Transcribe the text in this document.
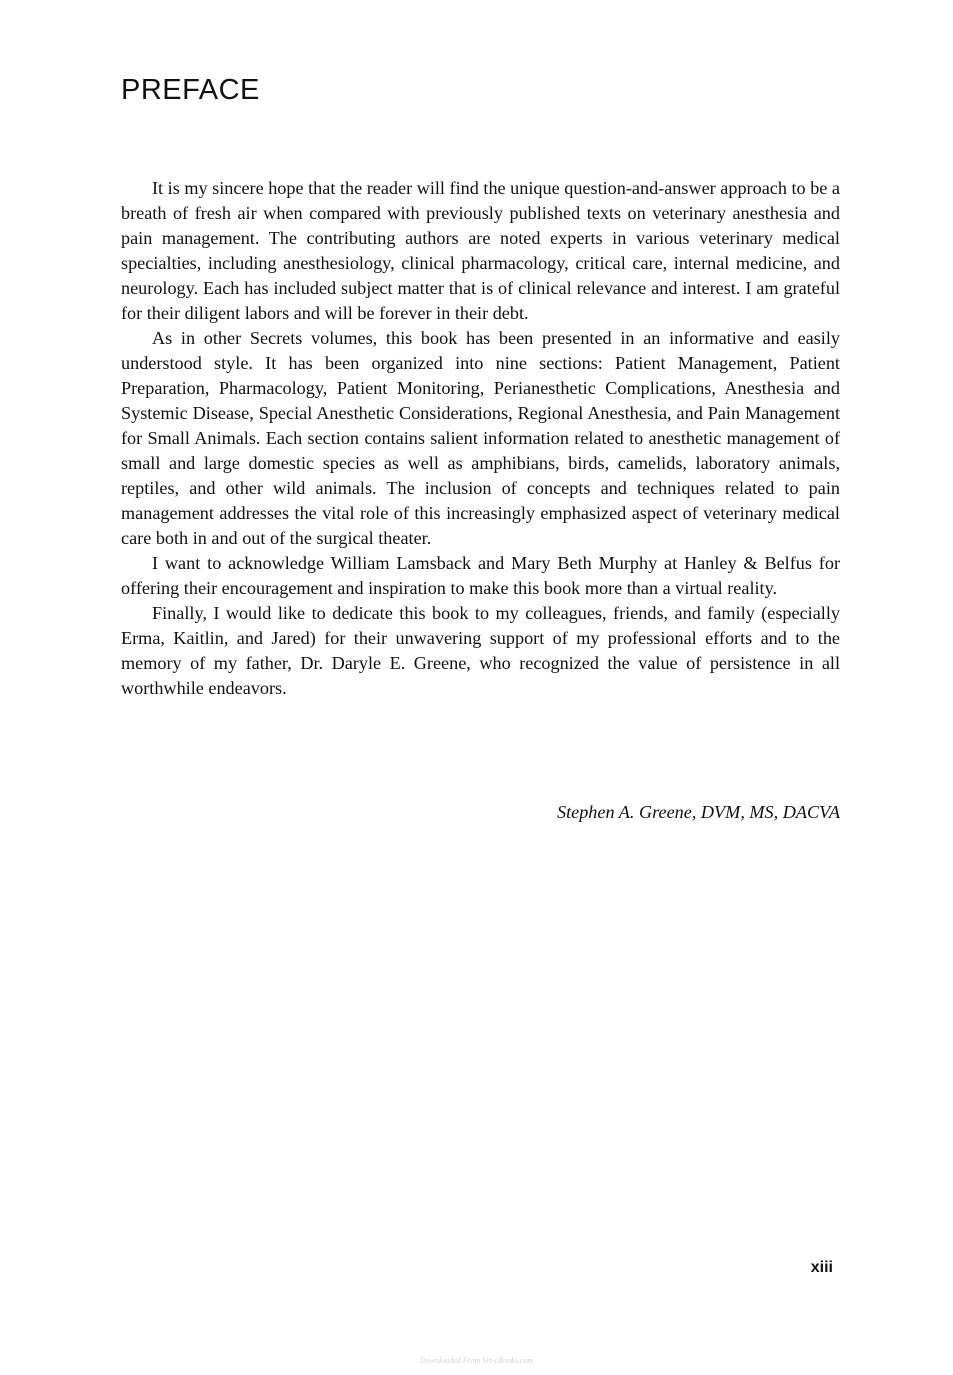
PREFACE

It is my sincere hope that the reader will find the unique question-and-answer approach to be a breath of fresh air when compared with previously published texts on veterinary anesthesia and pain management. The contributing authors are noted experts in various veterinary medical specialties, including anesthesiology, clinical pharmacology, critical care, internal medicine, and neurology. Each has included subject matter that is of clinical relevance and interest. I am grateful for their diligent labors and will be forever in their debt.

As in other Secrets volumes, this book has been presented in an informative and easily understood style. It has been organized into nine sections: Patient Management, Patient Preparation, Pharmacology, Patient Monitoring, Perianesthetic Complications, Anesthesia and Systemic Disease, Special Anesthetic Considerations, Regional Anesthesia, and Pain Management for Small Animals. Each section contains salient information related to anesthetic management of small and large domestic species as well as amphibians, birds, camelids, laboratory animals, reptiles, and other wild animals. The inclusion of concepts and techniques related to pain management addresses the vital role of this increasingly emphasized aspect of veterinary medical care both in and out of the surgical theater.

I want to acknowledge William Lamsback and Mary Beth Murphy at Hanley & Belfus for offering their encouragement and inspiration to make this book more than a virtual reality.

Finally, I would like to dedicate this book to my colleagues, friends, and family (especially Erma, Kaitlin, and Jared) for their unwavering support of my professional efforts and to the memory of my father, Dr. Daryle E. Greene, who recognized the value of persistence in all worthwhile endeavors.

Stephen A. Greene, DVM, MS, DACVA
xiii
Downloaded From Vet-eBooks.com
